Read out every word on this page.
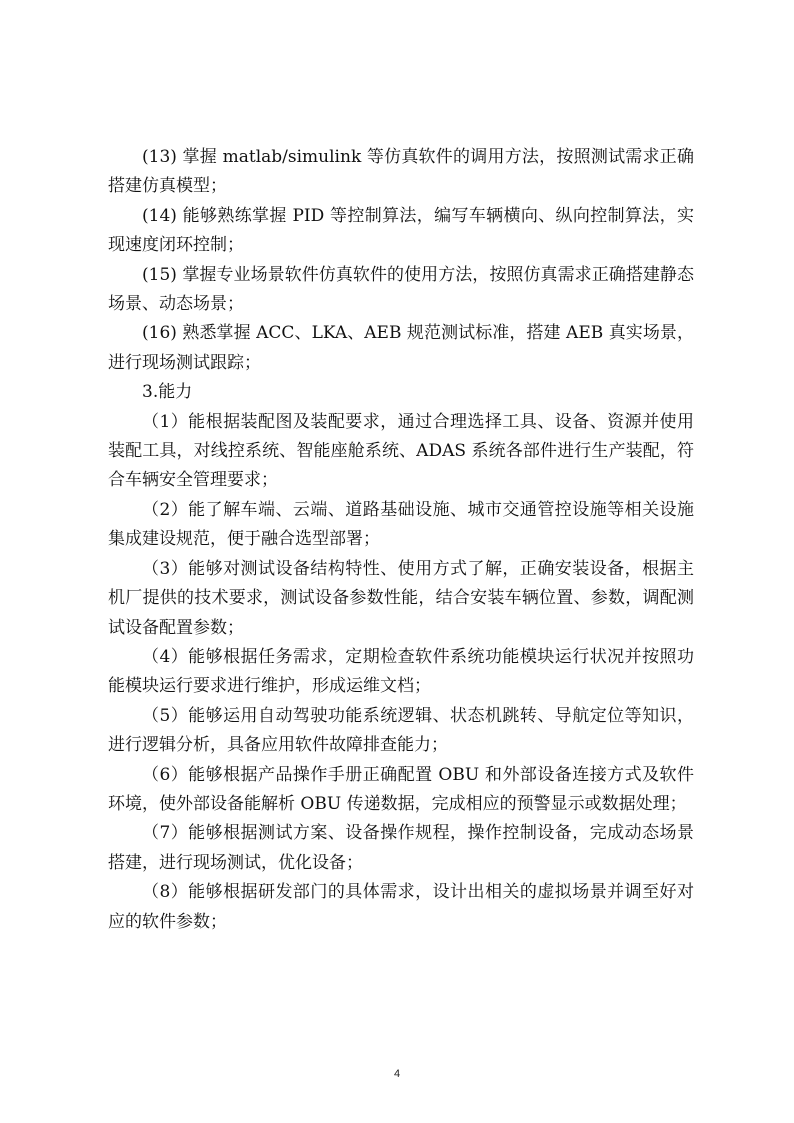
(13) 掌握 matlab/simulink 等仿真软件的调用方法，按照测试需求正确搭建仿真模型；

(14) 能够熟练掌握 PID 等控制算法，编写车辆横向、纵向控制算法，实现速度闭环控制；

(15) 掌握专业场景软件仿真软件的使用方法，按照仿真需求正确搭建静态场景、动态场景；

(16) 熟悉掌握 ACC、LKA、AEB 规范测试标准，搭建 AEB 真实场景，进行现场测试跟踪；

3.能力

（1）能根据装配图及装配要求，通过合理选择工具、设备、资源并使用装配工具，对线控系统、智能座舱系统、ADAS 系统各部件进行生产装配，符合车辆安全管理要求；

（2）能了解车端、云端、道路基础设施、城市交通管控设施等相关设施集成建设规范，便于融合选型部署；

（3）能够对测试设备结构特性、使用方式了解，正确安装设备，根据主机厂提供的技术要求，测试设备参数性能，结合安装车辆位置、参数，调配测试设备配置参数；

（4）能够根据任务需求，定期检查软件系统功能模块运行状况并按照功能模块运行要求进行维护，形成运维文档；

（5）能够运用自动驾驶功能系统逻辑、状态机跳转、导航定位等知识，进行逻辑分析，具备应用软件故障排查能力；

（6）能够根据产品操作手册正确配置 OBU 和外部设备连接方式及软件环境，使外部设备能解析 OBU 传递数据，完成相应的预警显示或数据处理；

（7）能够根据测试方案、设备操作规程，操作控制设备，完成动态场景搭建，进行现场测试，优化设备；

（8）能够根据研发部门的具体需求，设计出相关的虚拟场景并调至好对应的软件参数；

4
